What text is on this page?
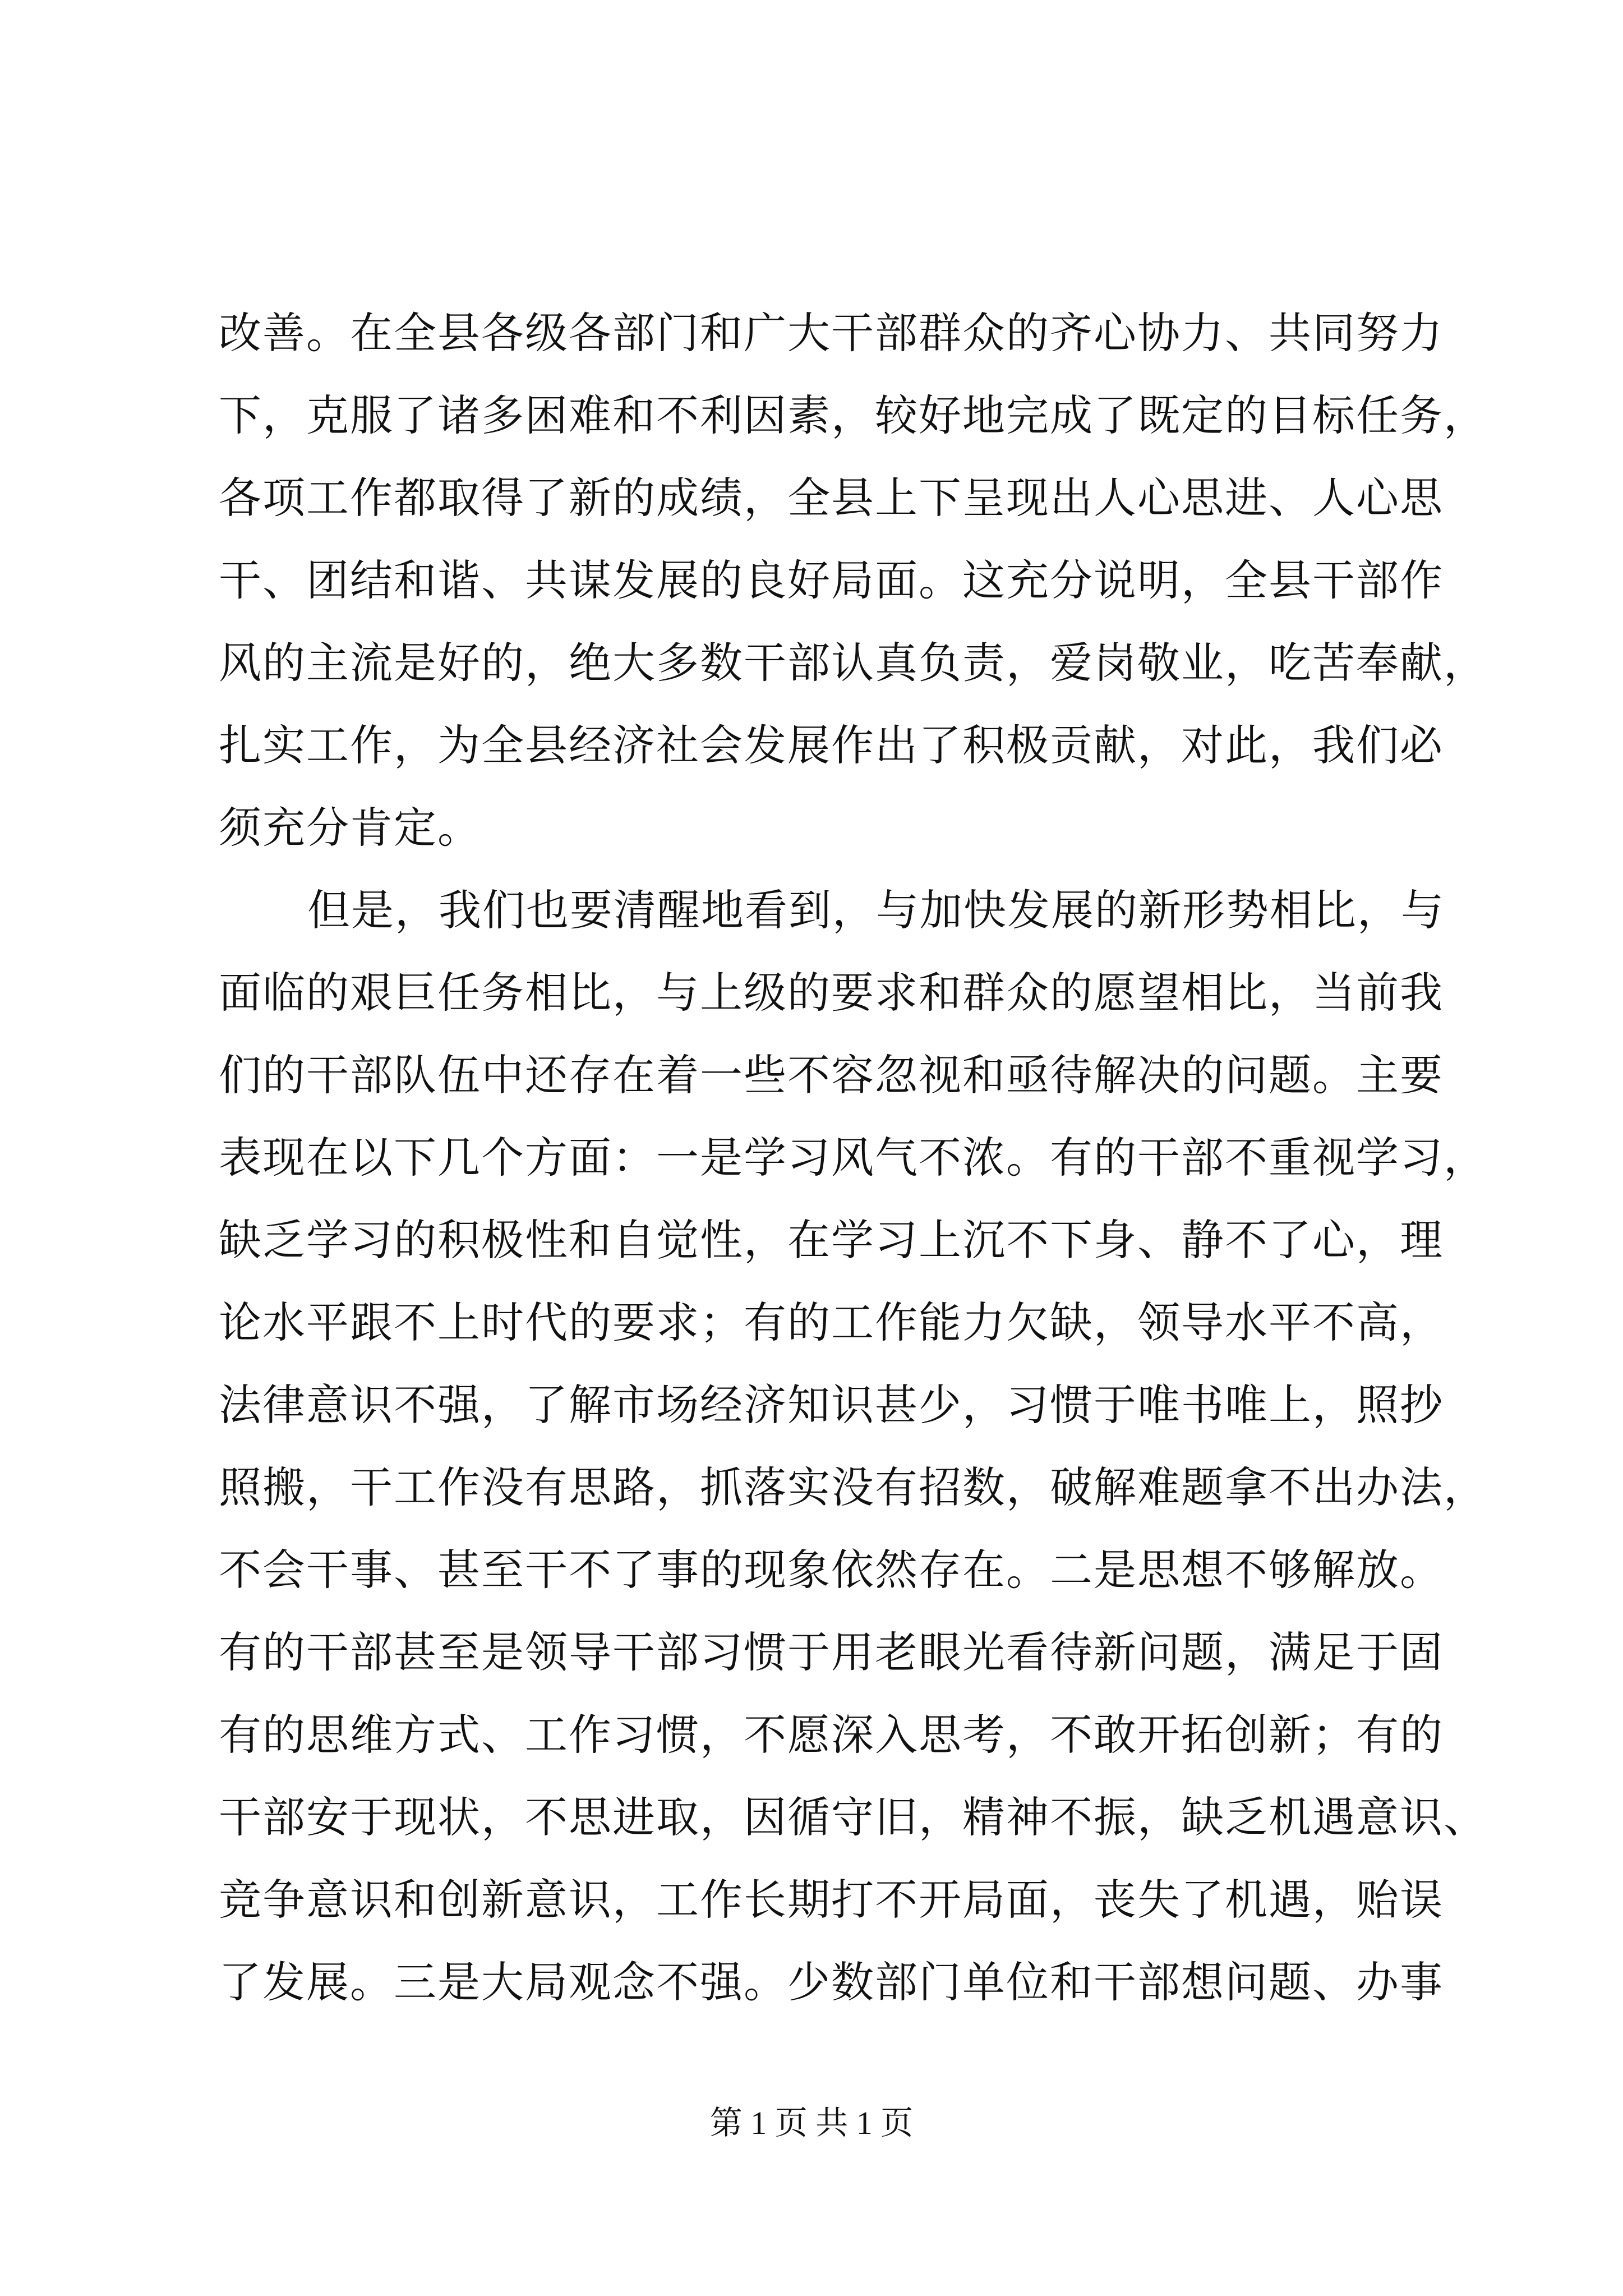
改善。在全县各级各部门和广大干部群众的齐心协力、共同努力
下，克服了诸多困难和不利因素，较好地完成了既定的目标任务，
各项工作都取得了新的成绩，全县上下呈现出人心思进、人心思
干、团结和谐、共谋发展的良好局面。这充分说明，全县干部作
风的主流是好的，绝大多数干部认真负责，爱岗敬业，吃苦奉献，
扎实工作，为全县经济社会发展作出了积极贡献，对此，我们必
须充分肯定。
但是，我们也要清醒地看到，与加快发展的新形势相比，与
面临的艰巨任务相比，与上级的要求和群众的愿望相比，当前我
们的干部队伍中还存在着一些不容忽视和亟待解决的问题。主要
表现在以下几个方面：一是学习风气不浓。有的干部不重视学习，
缺乏学习的积极性和自觉性，在学习上沉不下身、静不了心，理
论水平跟不上时代的要求；有的工作能力欠缺，领导水平不高，
法律意识不强，了解市场经济知识甚少，习惯于唯书唯上，照抄
照搬，干工作没有思路，抓落实没有招数，破解难题拿不出办法，
不会干事、甚至干不了事的现象依然存在。二是思想不够解放。
有的干部甚至是领导干部习惯于用老眼光看待新问题，满足于固
有的思维方式、工作习惯，不愿深入思考，不敢开拓创新；有的
干部安于现状，不思进取，因循守旧，精神不振，缺乏机遇意识、
竞争意识和创新意识，工作长期打不开局面，丧失了机遇，贻误
了发展。三是大局观念不强。少数部门单位和干部想问题、办事
第 1 页 共 1 页
